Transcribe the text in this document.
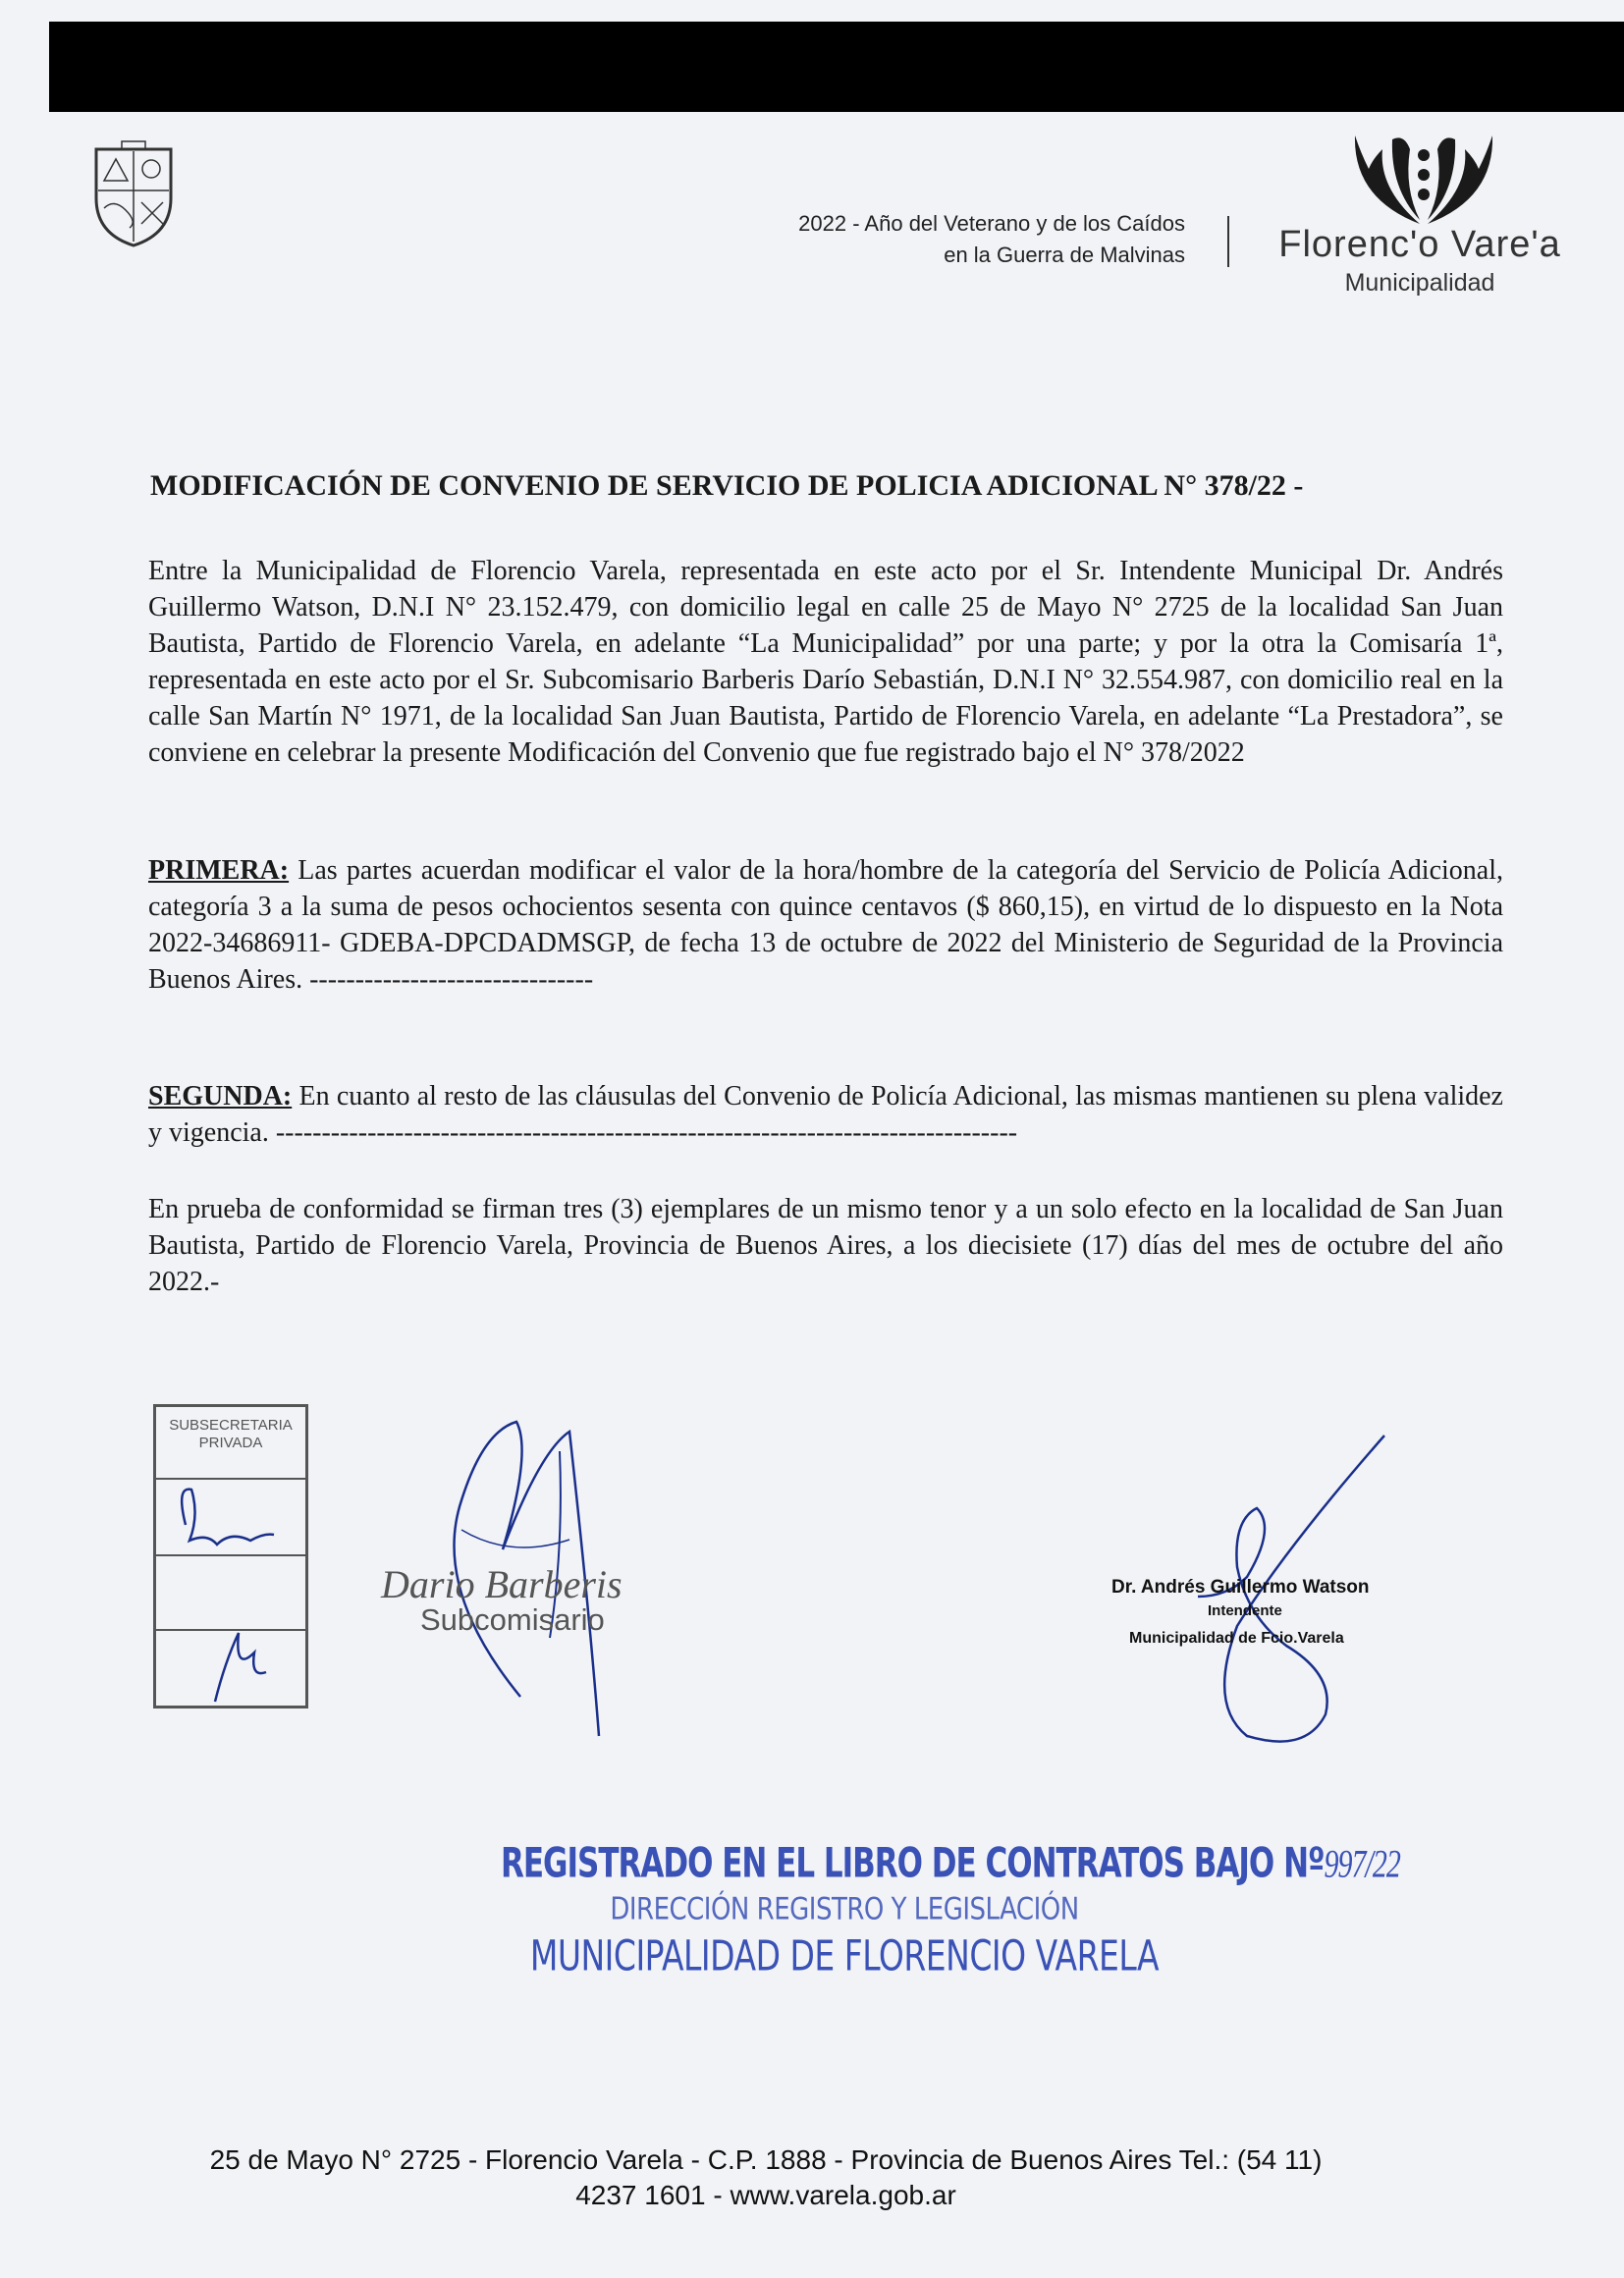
2022 - Año del Veterano y de los Caídos
en la Guerra de Malvinas	Florenc'o Vare'a
Municipalidad
MODIFICACIÓN DE CONVENIO DE SERVICIO DE POLICIA ADICIONAL N° 378/22 -

Entre la Municipalidad de Florencio Varela, representada en este acto por el Sr. Intendente Municipal Dr. Andrés Guillermo Watson, D.N.I N° 23.152.479, con domicilio legal en calle 25 de Mayo N° 2725 de la localidad San Juan Bautista, Partido de Florencio Varela, en adelante “La Municipalidad” por una parte; y por la otra la Comisaría 1ª, representada en este acto por el Sr. Subcomisario Barberis Darío Sebastián, D.N.I N° 32.554.987, con domicilio real en la calle San Martín N° 1971, de la localidad San Juan Bautista, Partido de Florencio Varela, en adelante “La Prestadora”, se conviene en celebrar la presente Modificación del Convenio que fue registrado bajo el N° 378/2022

PRIMERA: Las partes acuerdan modificar el valor de la hora/hombre de la categoría del Servicio de Policía Adicional, categoría 3 a la suma de pesos ochocientos sesenta con quince centavos ($ 860,15), en virtud de lo dispuesto en la Nota 2022-34686911- GDEBA-DPCDADMSGP, de fecha 13 de octubre de 2022 del Ministerio de Seguridad de la Provincia Buenos Aires. -------------------------------

SEGUNDA: En cuanto al resto de las cláusulas del Convenio de Policía Adicional, las mismas mantienen su plena validez y vigencia. ---------------------------------------------------------------------------------

En prueba de conformidad se firman tres (3) ejemplares de un mismo tenor y a un solo efecto en la localidad de San Juan Bautista, Partido de Florencio Varela, Provincia de Buenos Aires, a los diecisiete (17) días del mes de octubre del año 2022.-

SUBSECRETARIA
PRIVADA
Dario Barberis
Subcomisario
Dr. Andrés Guillermo Watson
Intendente
Municipalidad de Fcio.Varela
REGISTRADO EN EL LIBRO DE CONTRATOS BAJO Nº997/22
DIRECCIÓN REGISTRO Y LEGISLACIÓN
MUNICIPALIDAD DE FLORENCIO VARELA
25 de Mayo N° 2725 - Florencio Varela - C.P. 1888 - Provincia de Buenos Aires Tel.: (54 11)
4237 1601 - www.varela.gob.ar
